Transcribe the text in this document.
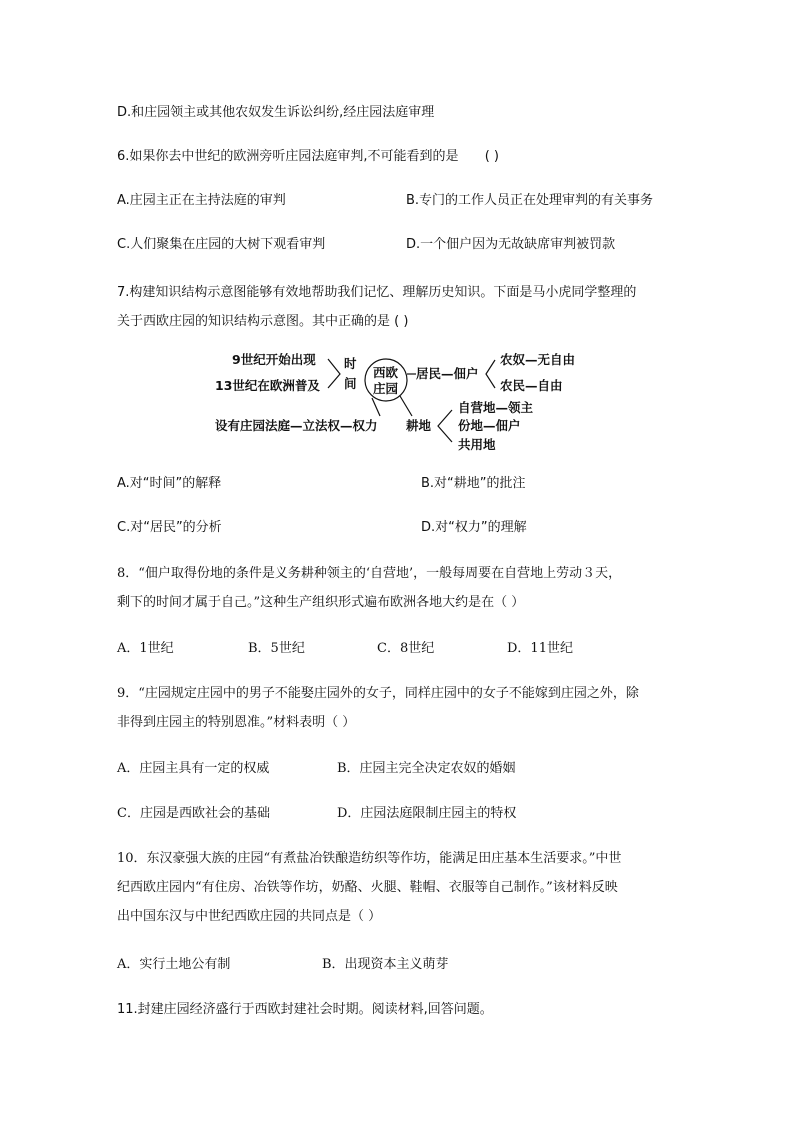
D.和庄园领主或其他农奴发生诉讼纠纷,经庄园法庭审理
6.如果你去中世纪的欧洲旁听庄园法庭审判,不可能看到的是 ( )
A.庄园主正在主持法庭的审判	B.专门的工作人员正在处理审判的有关事务
C.人们聚集在庄园的大树下观看审判	D.一个佃户因为无故缺席审判被罚款
7.构建知识结构示意图能够有效地帮助我们记忆、理解历史知识。下面是马小虎同学整理的
关于西欧庄园的知识结构示意图。其中正确的是 ( )
9世纪开始出现
13世纪在欧洲普及
时
间
西欧
庄园
居民—佃户
农奴—无自由
农民—自由
耕地
自营地—领主
份地—佃户
共用地
设有庄园法庭—立法权—权力
A.对“时间”的解释	B.对“耕地”的批注
C.对“居民”的分析	D.对“权力”的理解
8．“佃户取得份地的条件是义务耕种领主的‘自营地’，一般每周要在自营地上劳动３天，
剩下的时间才属于自己。”这种生产组织形式遍布欧洲各地大约是在（ ）
A．1世纪	B．5世纪	C．8世纪	D．11世纪
9．“庄园规定庄园中的男子不能娶庄园外的女子，同样庄园中的女子不能嫁到庄园之外，除
非得到庄园主的特别恩准。”材料表明（ ）
A．庄园主具有一定的权威	B．庄园主完全决定农奴的婚姻
C．庄园是西欧社会的基础	D．庄园法庭限制庄园主的特权
10．东汉豪强大族的庄园“有煮盐冶铁酿造纺织等作坊，能满足田庄基本生活要求。”中世
纪西欧庄园内“有住房、冶铁等作坊，奶酪、火腿、鞋帽、衣服等自己制作。”该材料反映
出中国东汉与中世纪西欧庄园的共同点是（ ）
A．实行土地公有制	B．出现资本主义萌芽
11.封建庄园经济盛行于西欧封建社会时期。阅读材料,回答问题。
